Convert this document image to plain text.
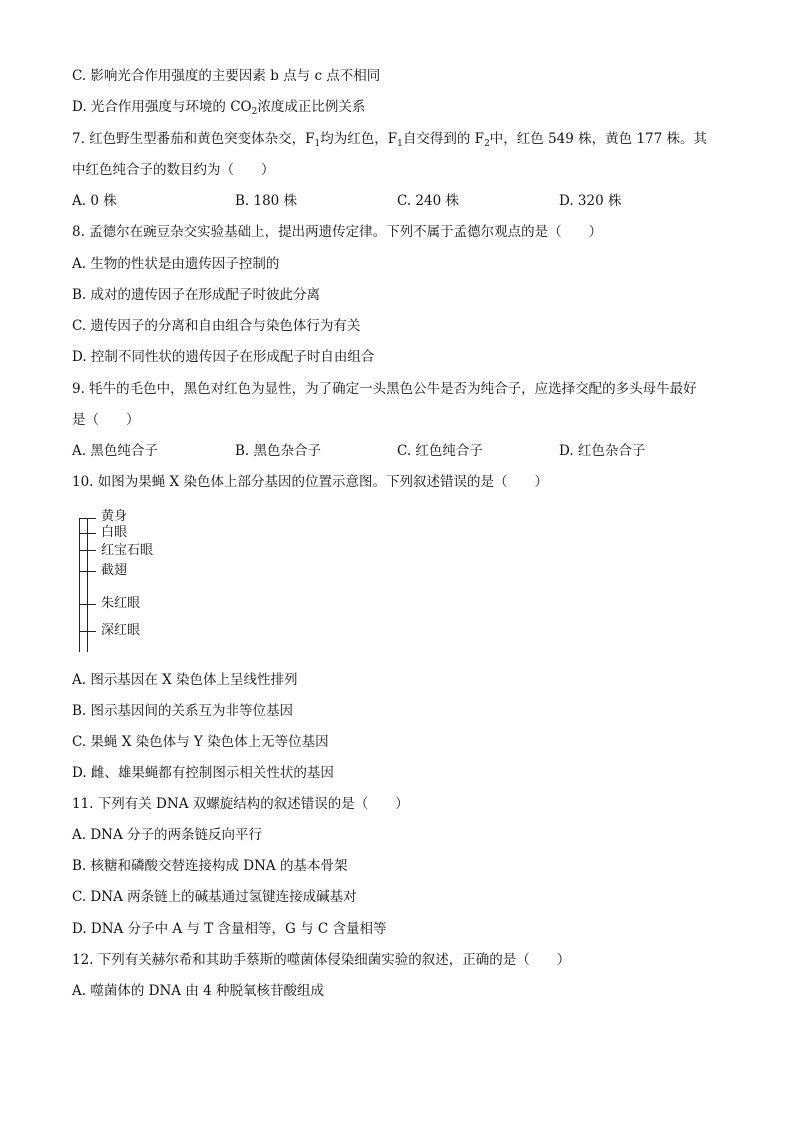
C. 影响光合作用强度的主要因素 b 点与 c 点不相同
D. 光合作用强度与环境的 $CO_2$浓度成正比例关系
7. 红色野生型番茄和黄色突变体杂交，$F_1$均为红色，$F_1$自交得到的 $F_2$中，红色 549 株，黄色 177 株。其
中红色纯合子的数目约为（　　）
A. 0 株	B. 180 株	C. 240 株	D. 320 株
8. 孟德尔在豌豆杂交实验基础上，提出两遗传定律。下列不属于孟德尔观点的是（　　）
A. 生物的性状是由遗传因子控制的
B. 成对的遗传因子在形成配子时彼此分离
C. 遗传因子的分离和自由组合与染色体行为有关
D. 控制不同性状的遗传因子在形成配子时自由组合
9. 牦牛的毛色中，黑色对红色为显性，为了确定一头黑色公牛是否为纯合子，应选择交配的多头母牛最好
是（　　）
A. 黑色纯合子	B. 黑色杂合子	C. 红色纯合子	D. 红色杂合子
10. 如图为果蝇 X 染色体上部分基因的位置示意图。下列叙述错误的是（　　）
黄身
白眼
红宝石眼
截翅
朱红眼
深红眼
A. 图示基因在 X 染色体上呈线性排列
B. 图示基因间的关系互为非等位基因
C. 果蝇 X 染色体与 Y 染色体上无等位基因
D. 雌、雄果蝇都有控制图示相关性状的基因
11. 下列有关 DNA 双螺旋结构的叙述错误的是（　　）
A. DNA 分子的两条链反向平行
B. 核糖和磷酸交替连接构成 DNA 的基本骨架
C. DNA 两条链上的碱基通过氢键连接成碱基对
D. DNA 分子中 A 与 T 含量相等，G 与 C 含量相等
12. 下列有关赫尔希和其助手蔡斯的噬菌体侵染细菌实验的叙述，正确的是（　　）
A. 噬菌体的 DNA 由 4 种脱氧核苷酸组成
